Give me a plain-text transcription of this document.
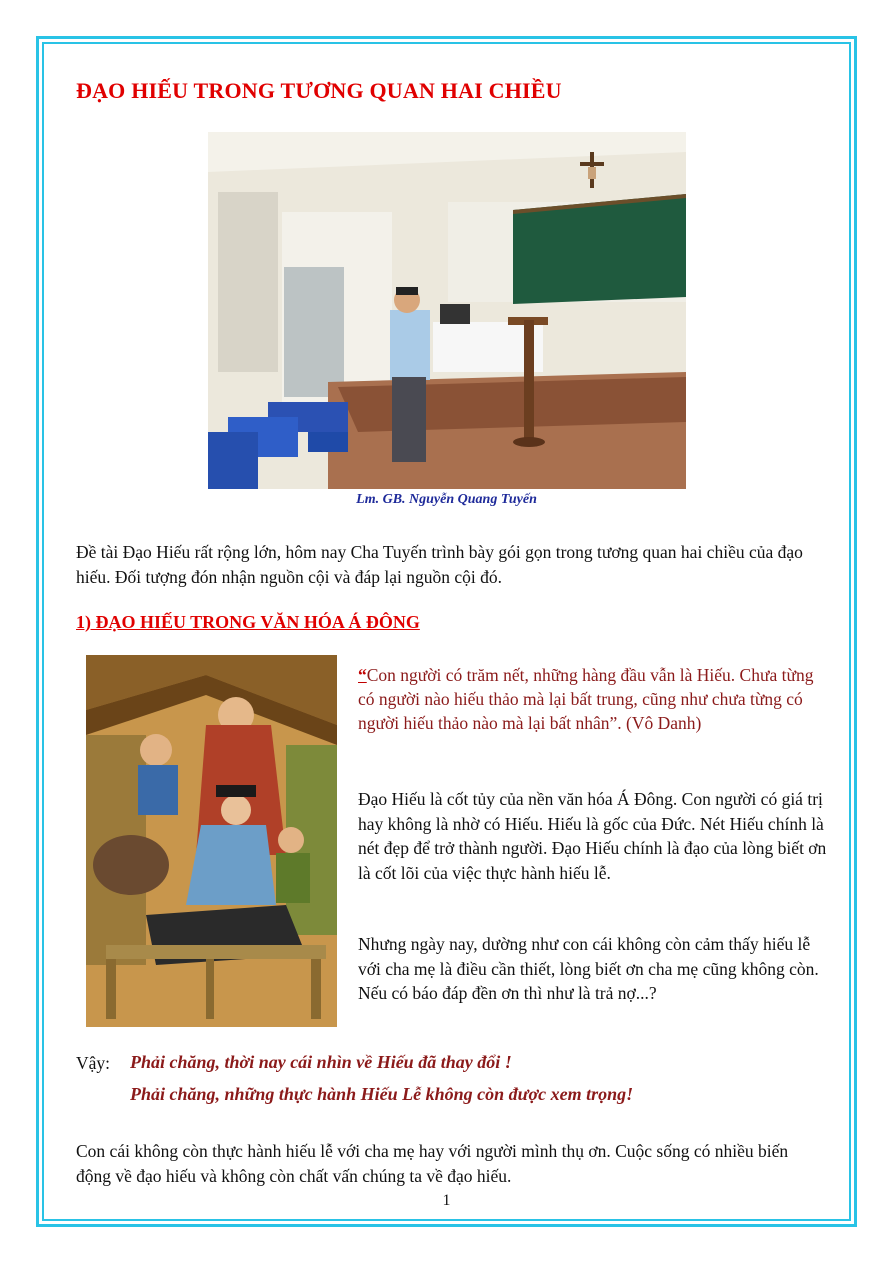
ĐẠO HIẾU TRONG TƯƠNG QUAN HAI CHIỀU
Lm. GB. Nguyễn Quang Tuyến

Đề tài Đạo Hiếu rất rộng lớn, hôm nay Cha Tuyến trình bày gói gọn trong tương quan hai chiều của đạo hiếu. Đối tượng đón nhận nguồn cội và đáp lại nguồn cội đó.

1) ĐẠO HIẾU TRONG VĂN HÓA Á ĐÔNG

“Con người có trăm nết, những hàng đầu vẫn là Hiếu. Chưa từng có người nào hiếu thảo mà lại bất trung, cũng như chưa từng có người hiếu thảo nào mà lại bất nhân”. (Vô Danh)

Đạo Hiếu là cốt tủy của nền văn hóa Á Đông. Con người có giá trị hay không là nhờ có Hiếu. Hiếu là gốc của Đức. Nét Hiếu chính là nét đẹp để trở thành người. Đạo Hiếu chính là đạo của lòng biết ơn là cốt lõi của việc thực hành hiếu lễ.

Nhưng ngày nay, dường như con cái không còn cảm thấy hiếu lễ với cha mẹ là điều cần thiết, lòng biết ơn cha mẹ cũng không còn. Nếu có báo đáp đền ơn thì như là trả nợ...?

Vậy: Phải chăng, thời nay cái nhìn về Hiếu đã thay đổi !
Phải chăng, những thực hành Hiếu Lễ không còn được xem trọng!

Con cái không còn thực hành hiếu lễ với cha mẹ hay với người mình thụ ơn. Cuộc sống có nhiều biến động về đạo hiếu và không còn chất vấn chúng ta về đạo hiếu.

1
